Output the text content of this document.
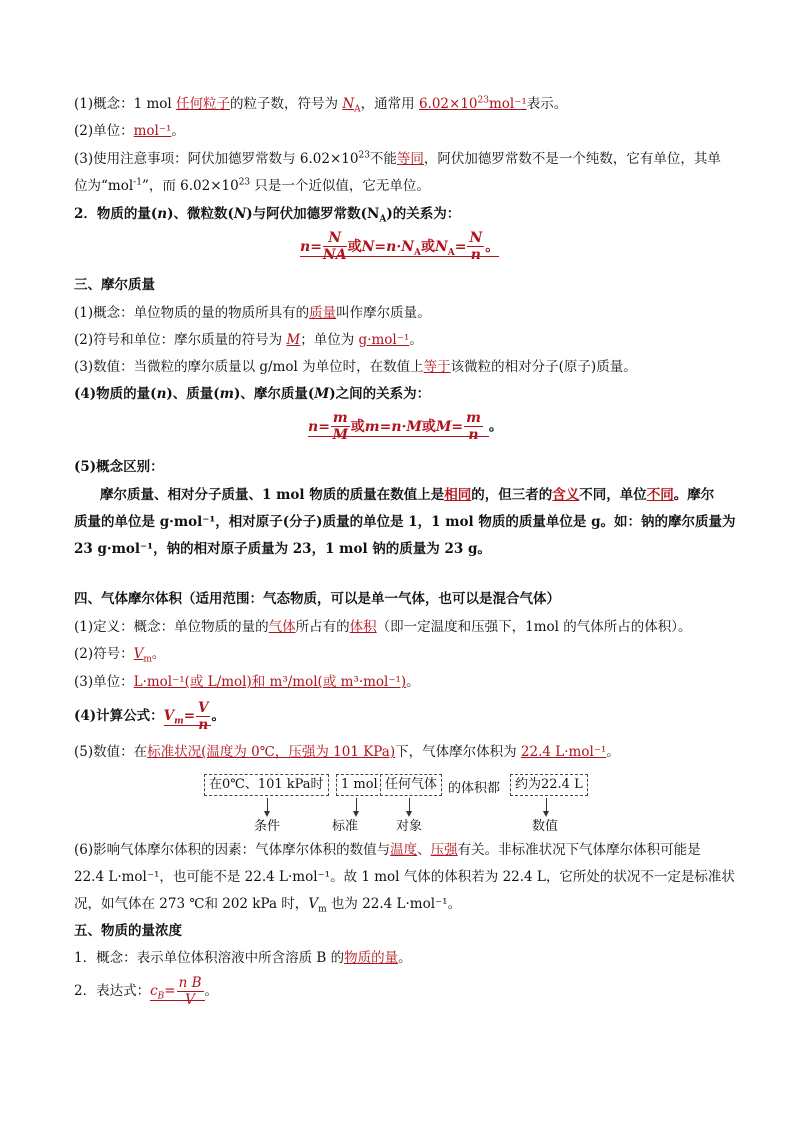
(1)概念：1 mol 任何粒子的粒子数，符号为 $N_A$，通常用 $6.02\times 10^{23}mol^{-1}$表示。
(2)单位：mol⁻¹。
(3)使用注意事项：阿伏加德罗常数与 $6.02\times 10^{23}$不能等同，阿伏加德罗常数不是一个纯数，它有单位，其单
位为“mol$^{-1}$”，而 $6.02\times 10^{23}$ 只是一个近似值，它无单位。
2．物质的量(n)、微粒数(N)与阿伏加德罗常数$(N_A)$的关系为：
$n= \frac{N}{NA}$ 或$N=n\cdot N_A$或$N_A= \frac{N}{n}$ 。
三、摩尔质量
(1)概念：单位物质的量的物质所具有的质量叫作摩尔质量。
(2)符号和单位：摩尔质量的符号为 M；单位为 g·mol⁻¹。
(3)数值：当微粒的摩尔质量以 g/mol 为单位时，在数值上等于该微粒的相对分子(原子)质量。
(4)物质的量(n)、质量(m)、摩尔质量(M)之间的关系为：
$n= \frac{m}{M}$ 或m=n·M或$M= \frac{m}{n}$ 。
(5)概念区别：
摩尔质量、相对分子质量、1 mol 物质的质量在数值上是相同的，但三者的含义不同，单位不同。摩尔
质量的单位是 g·mol⁻¹，相对原子(分子)质量的单位是 1，1 mol 物质的质量单位是 g。如：钠的摩尔质量为
23 g·mol⁻¹，钠的相对原子质量为 23，1 mol 钠的质量为 23 g。
四、气体摩尔体积（适用范围：气态物质，可以是单一气体，也可以是混合气体）
(1)定义：概念：单位物质的量的气体所占有的体积（即一定温度和压强下，1mol 的气体所占的体积）。
(2)符号：$V_m$。
(3)单位：L·mol⁻¹(或 L/mol)和 m³/mol(或 m³·mol⁻¹)。
(4)计算公式：$V_m= \frac{V}{n}$ 。
(5)数值：在标准状况(温度为 0℃，压强为 101 KPa)下，气体摩尔体积为 22.4 L·mol⁻¹。
在0℃、101 kPa时	1 mol 任何气体 的体积都	约为22.4 L
条件	标准	对象	数值
(6)影响气体摩尔体积的因素：气体摩尔体积的数值与温度、压强有关。非标准状况下气体摩尔体积可能是
22.4 L·mol⁻¹，也可能不是 22.4 L·mol⁻¹。故 1 mol 气体的体积若为 22.4 L，它所处的状况不一定是标准状
况，如气体在 273 ℃和 202 kPa 时，$V_m$ 也为 22.4 L·mol⁻¹。
五、物质的量浓度
1．概念：表示单位体积溶液中所含溶质 B 的物质的量。
2．表达式：$c_B= \frac{\text{n B}}{V}$ 。
